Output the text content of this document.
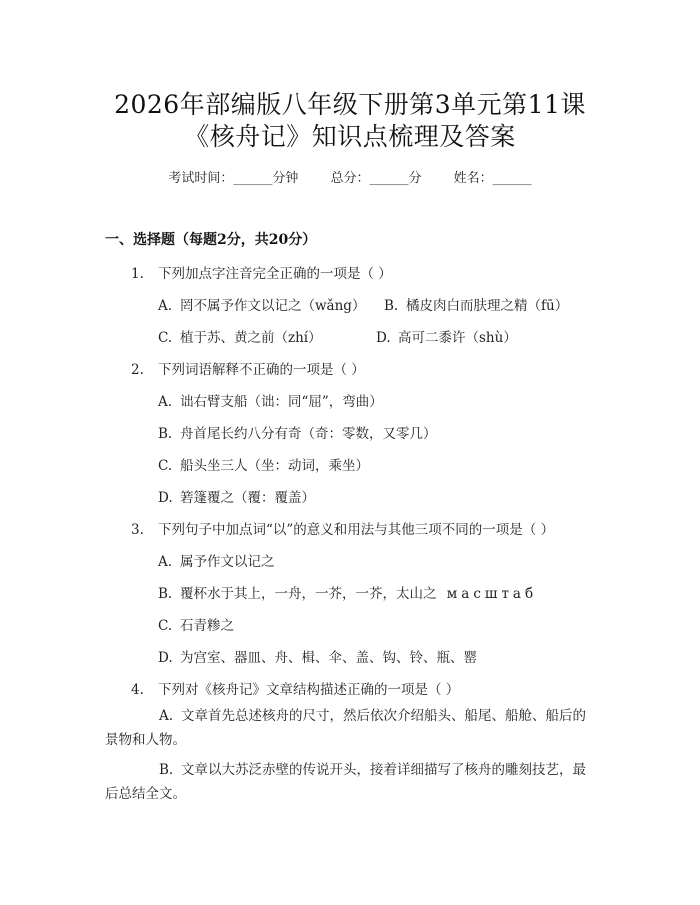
2026年部编版八年级下册第3单元第11课
《核舟记》知识点梳理及答案
考试时间：______分钟 总分：______分 姓名：______
一、选择题（每题2分，共20分）
1. 下列加点字注音完全正确的一项是（ ）
A. 罔不属予作文以记之（wǎng） B. 橘皮肉白而肤理之精（fū）
C. 植于苏、黄之前（zhí）	D. 高可二黍许（shù）
2. 下列词语解释不正确的一项是（ ）
A. 诎右臂支船（诎：同“屈”，弯曲）
B. 舟首尾长约八分有奇（奇：零数，又零几）
C. 船头坐三人（坐：动词，乘坐）
D. 箬篷覆之（覆：覆盖）
3. 下列句子中加点词“以”的意义和用法与其他三项不同的一项是（ ）
A. 属予作文以记之
B. 覆杯水于其上，一舟，一芥，一芥，太山之 масштаб
C. 石青糁之
D. 为宫室、器皿、舟、楫、伞、盖、钩、铃、瓶、罂
4. 下列对《核舟记》文章结构描述正确的一项是（ ）
A. 文章首先总述核舟的尺寸，然后依次介绍船头、船尾、船舱、船后的景物和人物。
B. 文章以大苏泛赤壁的传说开头，接着详细描写了核舟的雕刻技艺，最后总结全文。
